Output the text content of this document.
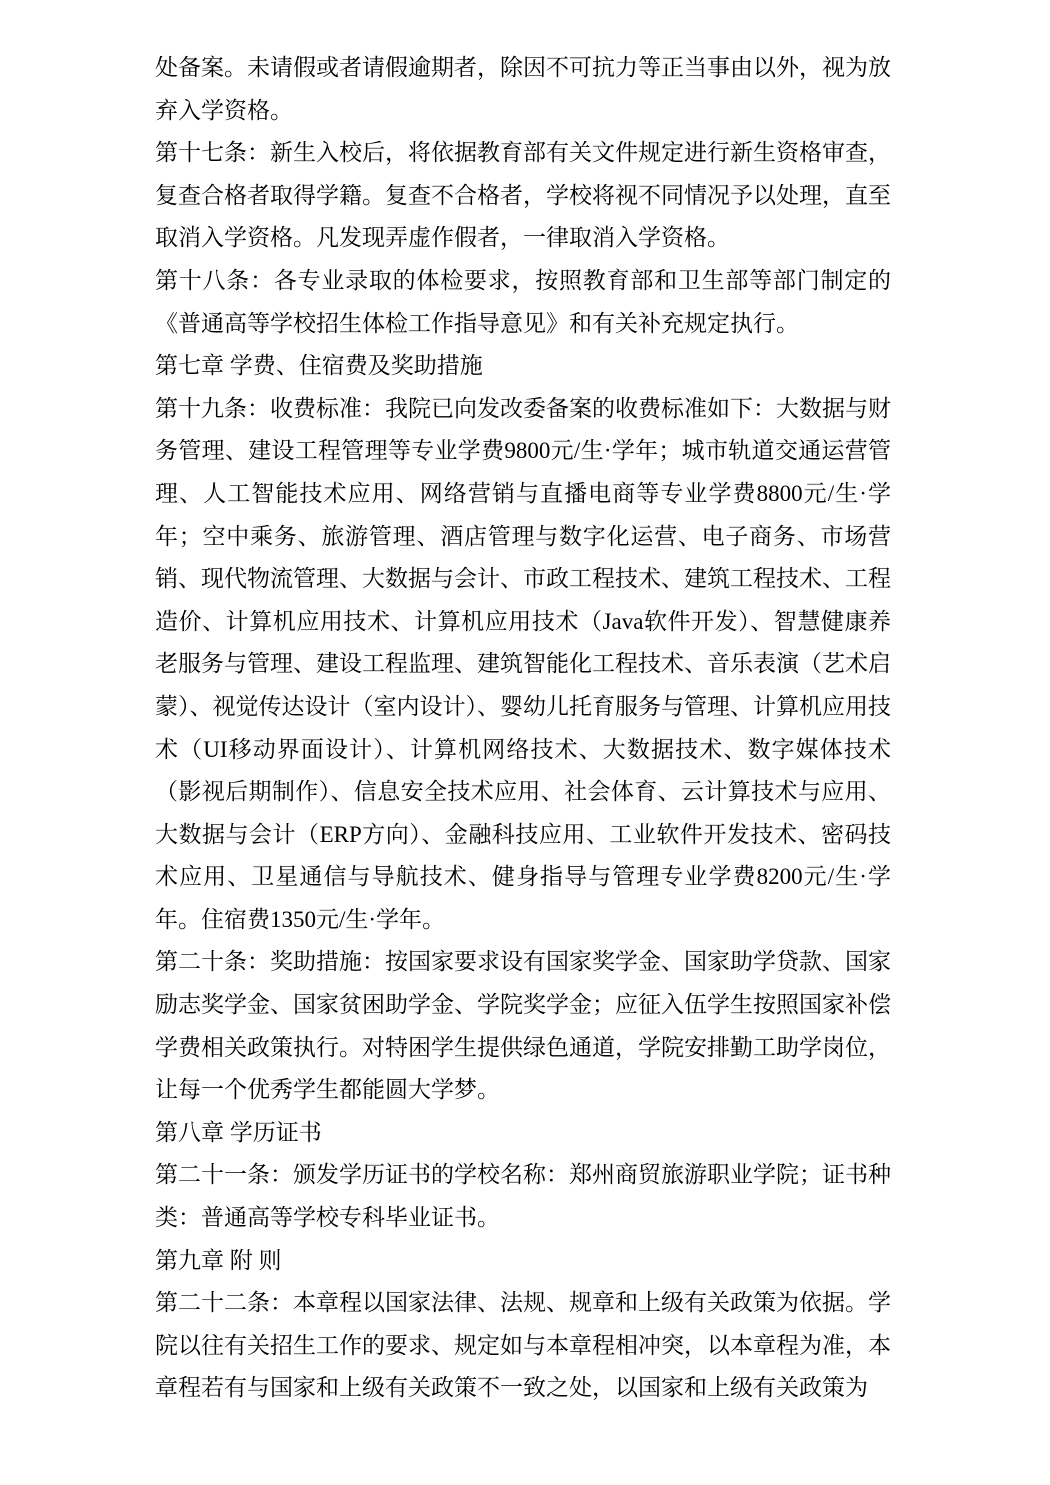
处备案。未请假或者请假逾期者，除因不可抗力等正当事由以外，视为放弃入学资格。

第十七条：新生入校后，将依据教育部有关文件规定进行新生资格审查，复查合格者取得学籍。复查不合格者，学校将视不同情况予以处理，直至取消入学资格。凡发现弄虚作假者，一律取消入学资格。

第十八条：各专业录取的体检要求，按照教育部和卫生部等部门制定的《普通高等学校招生体检工作指导意见》和有关补充规定执行。

第七章 学费、住宿费及奖助措施

第十九条：收费标准：我院已向发改委备案的收费标准如下：大数据与财务管理、建设工程管理等专业学费9800元/生·学年；城市轨道交通运营管理、人工智能技术应用、网络营销与直播电商等专业学费8800元/生·学年；空中乘务、旅游管理、酒店管理与数字化运营、电子商务、市场营销、现代物流管理、大数据与会计、市政工程技术、建筑工程技术、工程造价、计算机应用技术、计算机应用技术（Java软件开发）、智慧健康养老服务与管理、建设工程监理、建筑智能化工程技术、音乐表演（艺术启蒙）、视觉传达设计（室内设计）、婴幼儿托育服务与管理、计算机应用技术（UI移动界面设计）、计算机网络技术、大数据技术、数字媒体技术（影视后期制作）、信息安全技术应用、社会体育、云计算技术与应用、大数据与会计（ERP方向）、金融科技应用、工业软件开发技术、密码技术应用、卫星通信与导航技术、健身指导与管理专业学费8200元/生·学年。住宿费1350元/生·学年。

第二十条：奖助措施：按国家要求设有国家奖学金、国家助学贷款、国家励志奖学金、国家贫困助学金、学院奖学金；应征入伍学生按照国家补偿学费相关政策执行。对特困学生提供绿色通道，学院安排勤工助学岗位，让每一个优秀学生都能圆大学梦。

第八章 学历证书

第二十一条：颁发学历证书的学校名称：郑州商贸旅游职业学院；证书种类：普通高等学校专科毕业证书。

第九章 附 则

第二十二条：本章程以国家法律、法规、规章和上级有关政策为依据。学院以往有关招生工作的要求、规定如与本章程相冲突，以本章程为准，本章程若有与国家和上级有关政策不一致之处，以国家和上级有关政策为
